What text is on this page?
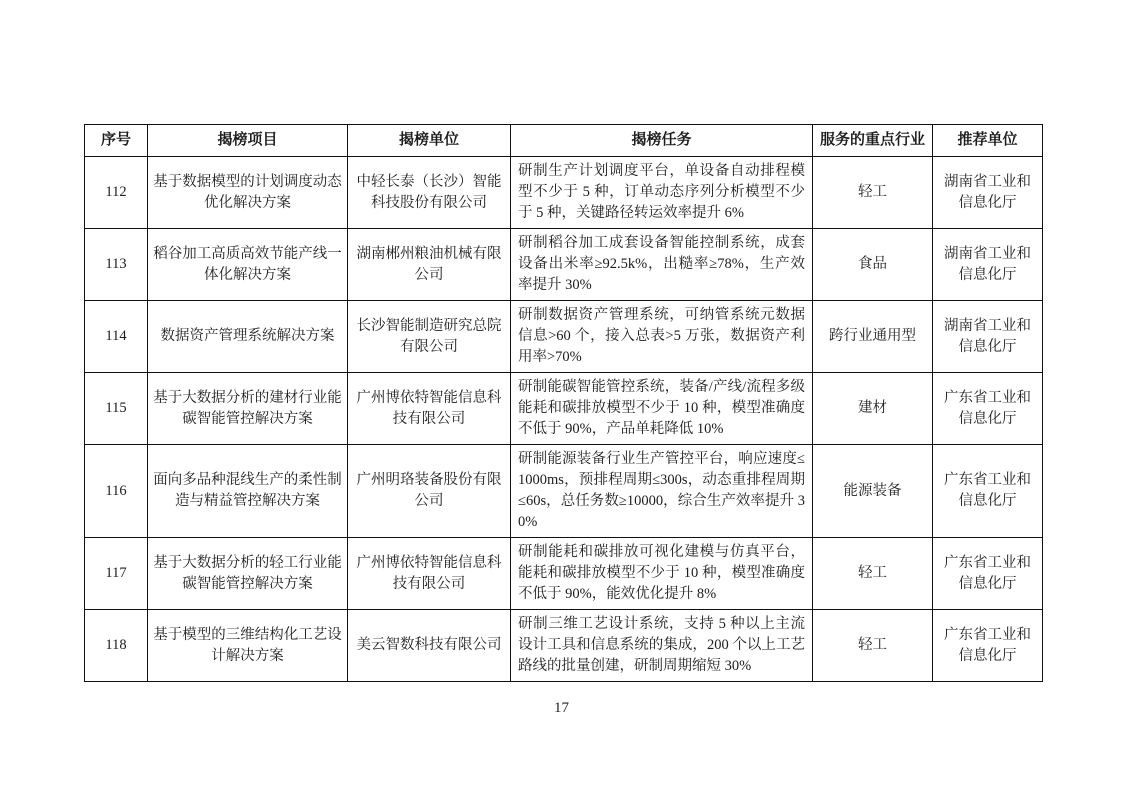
序号	揭榜项目	揭榜单位	揭榜任务	服务的重点行业	推荐单位
112	基于数据模型的计划调度动态优化解决方案	中轻长泰（长沙）智能科技股份有限公司	研制生产计划调度平台，单设备自动排程模型不少于 5 种，订单动态序列分析模型不少于 5 种，关键路径转运效率提升 6%	轻工	湖南省工业和信息化厅
113	稻谷加工高质高效节能产线一体化解决方案	湖南郴州粮油机械有限公司	研制稻谷加工成套设备智能控制系统，成套设备出米率≥92.5k%，出糙率≥78%，生产效率提升 30%	食品	湖南省工业和信息化厅
114	数据资产管理系统解决方案	长沙智能制造研究总院有限公司	研制数据资产管理系统，可纳管系统元数据信息>60 个，接入总表>5 万张，数据资产利用率>70%	跨行业通用型	湖南省工业和信息化厅
115	基于大数据分析的建材行业能碳智能管控解决方案	广州博依特智能信息科技有限公司	研制能碳智能管控系统，装备/产线/流程多级能耗和碳排放模型不少于 10 种，模型准确度不低于 90%，产品单耗降低 10%	建材	广东省工业和信息化厅
116	面向多品种混线生产的柔性制造与精益管控解决方案	广州明珞装备股份有限公司	研制能源装备行业生产管控平台，响应速度≤1000ms，预排程周期≤300s，动态重排程周期≤60s，总任务数≥10000，综合生产效率提升 30%	能源装备	广东省工业和信息化厅
117	基于大数据分析的轻工行业能碳智能管控解决方案	广州博依特智能信息科技有限公司	研制能耗和碳排放可视化建模与仿真平台，能耗和碳排放模型不少于 10 种，模型准确度不低于 90%，能效优化提升 8%	轻工	广东省工业和信息化厅
118	基于模型的三维结构化工艺设计解决方案	美云智数科技有限公司	研制三维工艺设计系统，支持 5 种以上主流设计工具和信息系统的集成，200 个以上工艺路线的批量创建，研制周期缩短 30%	轻工	广东省工业和信息化厅
17
